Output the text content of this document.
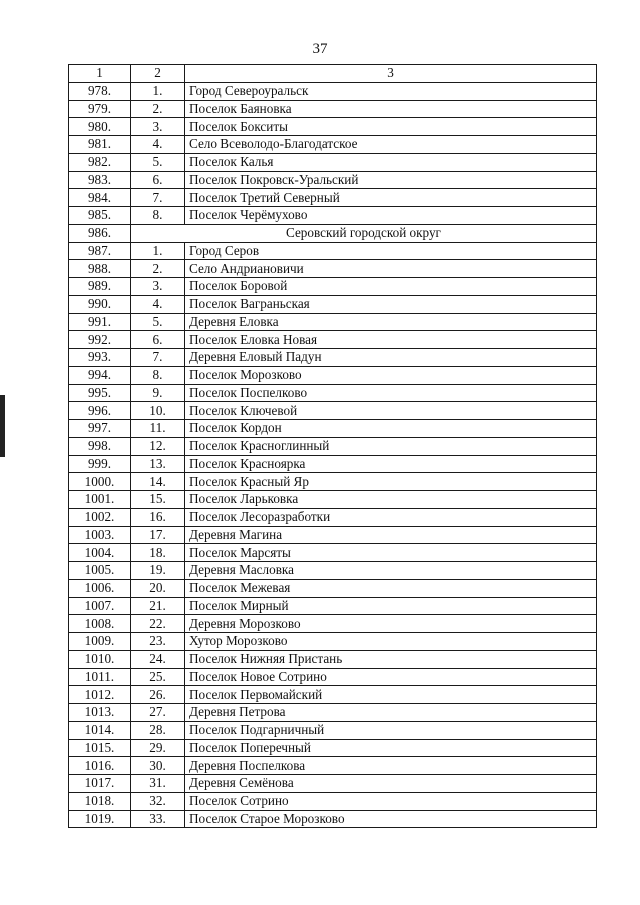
37
1	2	3
978.	1.	Город Североуральск
979.	2.	Поселок Баяновка
980.	3.	Поселок Бокситы
981.	4.	Село Всеволодо-Благодатское
982.	5.	Поселок Калья
983.	6.	Поселок Покровск-Уральский
984.	7.	Поселок Третий Северный
985.	8.	Поселок Черёмухово
986.	Серовский городской округ	
987.	1.	Город Серов
988.	2.	Село Андриановичи
989.	3.	Поселок Боровой
990.	4.	Поселок Ваграньская
991.	5.	Деревня Еловка
992.	6.	Поселок Еловка Новая
993.	7.	Деревня Еловый Падун
994.	8.	Поселок Морозково
995.	9.	Поселок Поспелково
996.	10.	Поселок Ключевой
997.	11.	Поселок Кордон
998.	12.	Поселок Красноглинный
999.	13.	Поселок Красноярка
1000.	14.	Поселок Красный Яр
1001.	15.	Поселок Ларьковка
1002.	16.	Поселок Лесоразработки
1003.	17.	Деревня Магина
1004.	18.	Поселок Марсяты
1005.	19.	Деревня Масловка
1006.	20.	Поселок Межевая
1007.	21.	Поселок Мирный
1008.	22.	Деревня Морозково
1009.	23.	Хутор Морозково
1010.	24.	Поселок Нижняя Пристань
1011.	25.	Поселок Новое Сотрино
1012.	26.	Поселок Первомайский
1013.	27.	Деревня Петрова
1014.	28.	Поселок Подгарничный
1015.	29.	Поселок Поперечный
1016.	30.	Деревня Поспелкова
1017.	31.	Деревня Семёнова
1018.	32.	Поселок Сотрино
1019.	33.	Поселок Старое Морозково
